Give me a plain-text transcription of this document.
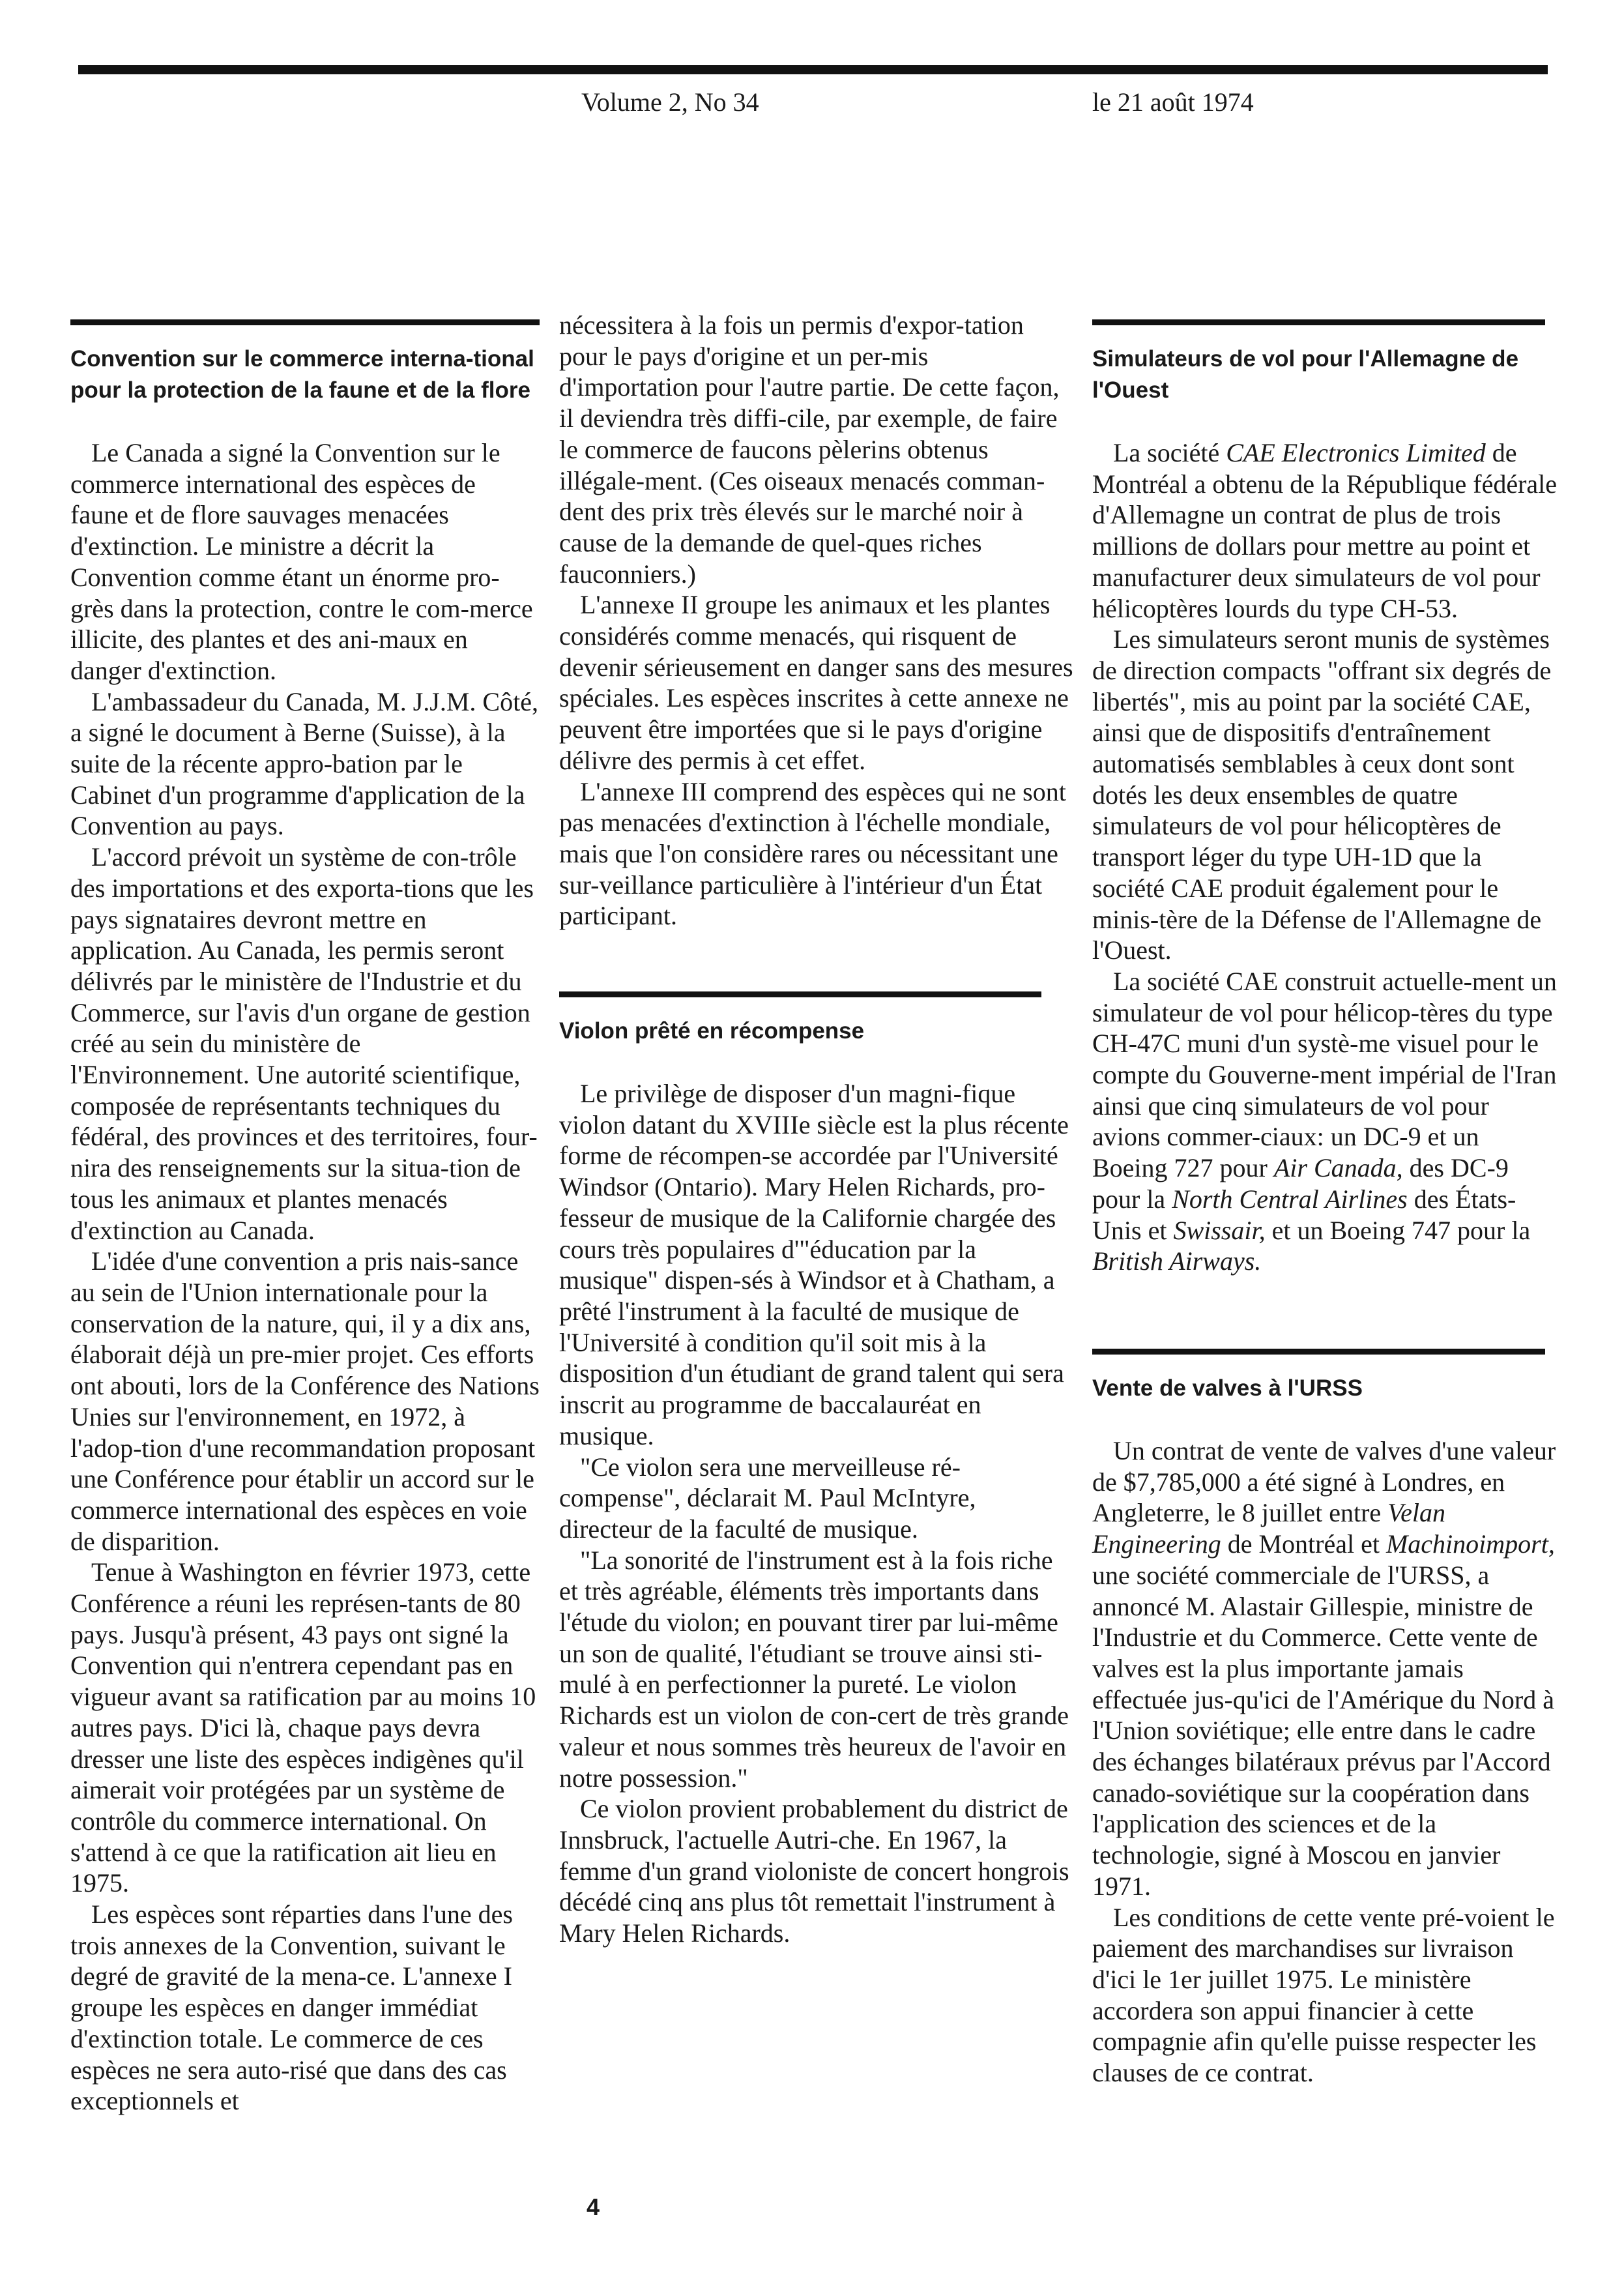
Volume 2, No 34	le 21 août 1974
Convention sur le commerce interna-tional pour la protection de la faune et de la flore

Le Canada a signé la Convention sur le commerce international des espèces de faune et de flore sauvages menacées d'extinction. Le ministre a décrit la Convention comme étant un énorme pro-grès dans la protection, contre le com-merce illicite, des plantes et des ani-maux en danger d'extinction.

L'ambassadeur du Canada, M. J.J.M. Côté, a signé le document à Berne (Suisse), à la suite de la récente appro-bation par le Cabinet d'un programme d'application de la Convention au pays.

L'accord prévoit un système de con-trôle des importations et des exporta-tions que les pays signataires devront mettre en application. Au Canada, les permis seront délivrés par le ministère de l'Industrie et du Commerce, sur l'avis d'un organe de gestion créé au sein du ministère de l'Environnement. Une autorité scientifique, composée de représentants techniques du fédéral, des provinces et des territoires, four-nira des renseignements sur la situa-tion de tous les animaux et plantes menacés d'extinction au Canada.

L'idée d'une convention a pris nais-sance au sein de l'Union internationale pour la conservation de la nature, qui, il y a dix ans, élaborait déjà un pre-mier projet. Ces efforts ont abouti, lors de la Conférence des Nations Unies sur l'environnement, en 1972, à l'adop-tion d'une recommandation proposant une Conférence pour établir un accord sur le commerce international des espèces en voie de disparition.

Tenue à Washington en février 1973, cette Conférence a réuni les représen-tants de 80 pays. Jusqu'à présent, 43 pays ont signé la Convention qui n'entrera cependant pas en vigueur avant sa ratification par au moins 10 autres pays. D'ici là, chaque pays devra dresser une liste des espèces indigènes qu'il aimerait voir protégées par un système de contrôle du commerce international. On s'attend à ce que la ratification ait lieu en 1975.

Les espèces sont réparties dans l'une des trois annexes de la Convention, suivant le degré de gravité de la mena-ce. L'annexe I groupe les espèces en danger immédiat d'extinction totale. Le commerce de ces espèces ne sera auto-risé que dans des cas exceptionnels et

nécessitera à la fois un permis d'expor-tation pour le pays d'origine et un per-mis d'importation pour l'autre partie. De cette façon, il deviendra très diffi-cile, par exemple, de faire le commerce de faucons pèlerins obtenus illégale-ment. (Ces oiseaux menacés comman-dent des prix très élevés sur le marché noir à cause de la demande de quel-ques riches fauconniers.)

L'annexe II groupe les animaux et les plantes considérés comme menacés, qui risquent de devenir sérieusement en danger sans des mesures spéciales. Les espèces inscrites à cette annexe ne peuvent être importées que si le pays d'origine délivre des permis à cet effet.

L'annexe III comprend des espèces qui ne sont pas menacées d'extinction à l'échelle mondiale, mais que l'on considère rares ou nécessitant une sur-veillance particulière à l'intérieur d'un État participant.

Violon prêté en récompense

Le privilège de disposer d'un magni-fique violon datant du XVIIIe siècle est la plus récente forme de récompen-se accordée par l'Université Windsor (Ontario). Mary Helen Richards, pro-fesseur de musique de la Californie chargée des cours très populaires d'"éducation par la musique" dispen-sés à Windsor et à Chatham, a prêté l'instrument à la faculté de musique de l'Université à condition qu'il soit mis à la disposition d'un étudiant de grand talent qui sera inscrit au programme de baccalauréat en musique.

"Ce violon sera une merveilleuse ré-compense", déclarait M. Paul McIntyre, directeur de la faculté de musique.

"La sonorité de l'instrument est à la fois riche et très agréable, éléments très importants dans l'étude du violon; en pouvant tirer par lui-même un son de qualité, l'étudiant se trouve ainsi sti-mulé à en perfectionner la pureté. Le violon Richards est un violon de con-cert de très grande valeur et nous sommes très heureux de l'avoir en notre possession."

Ce violon provient probablement du district de Innsbruck, l'actuelle Autri-che. En 1967, la femme d'un grand violoniste de concert hongrois décédé cinq ans plus tôt remettait l'instrument à Mary Helen Richards.

Simulateurs de vol pour l'Allemagne de l'Ouest

La société CAE Electronics Limited de Montréal a obtenu de la République fédérale d'Allemagne un contrat de plus de trois millions de dollars pour mettre au point et manufacturer deux simulateurs de vol pour hélicoptères lourds du type CH-53.

Les simulateurs seront munis de systèmes de direction compacts "offrant six degrés de libertés", mis au point par la société CAE, ainsi que de dispositifs d'entraînement automatisés semblables à ceux dont sont dotés les deux ensembles de quatre simulateurs de vol pour hélicoptères de transport léger du type UH-1D que la société CAE produit également pour le minis-tère de la Défense de l'Allemagne de l'Ouest.

La société CAE construit actuelle-ment un simulateur de vol pour hélicop-tères du type CH-47C muni d'un systè-me visuel pour le compte du Gouverne-ment impérial de l'Iran ainsi que cinq simulateurs de vol pour avions commer-ciaux: un DC-9 et un Boeing 727 pour Air Canada, des DC-9 pour la North Central Airlines des États-Unis et Swissair, et un Boeing 747 pour la British Airways.

Vente de valves à l'URSS

Un contrat de vente de valves d'une valeur de $7,785,000 a été signé à Londres, en Angleterre, le 8 juillet entre Velan Engineering de Montréal et Machinoimport, une société commerciale de l'URSS, a annoncé M. Alastair Gillespie, ministre de l'Industrie et du Commerce. Cette vente de valves est la plus importante jamais effectuée jus-qu'ici de l'Amérique du Nord à l'Union soviétique; elle entre dans le cadre des échanges bilatéraux prévus par l'Accord canado-soviétique sur la coopération dans l'application des sciences et de la technologie, signé à Moscou en janvier 1971.

Les conditions de cette vente pré-voient le paiement des marchandises sur livraison d'ici le 1er juillet 1975. Le ministère accordera son appui financier à cette compagnie afin qu'elle puisse respecter les clauses de ce contrat.

4
